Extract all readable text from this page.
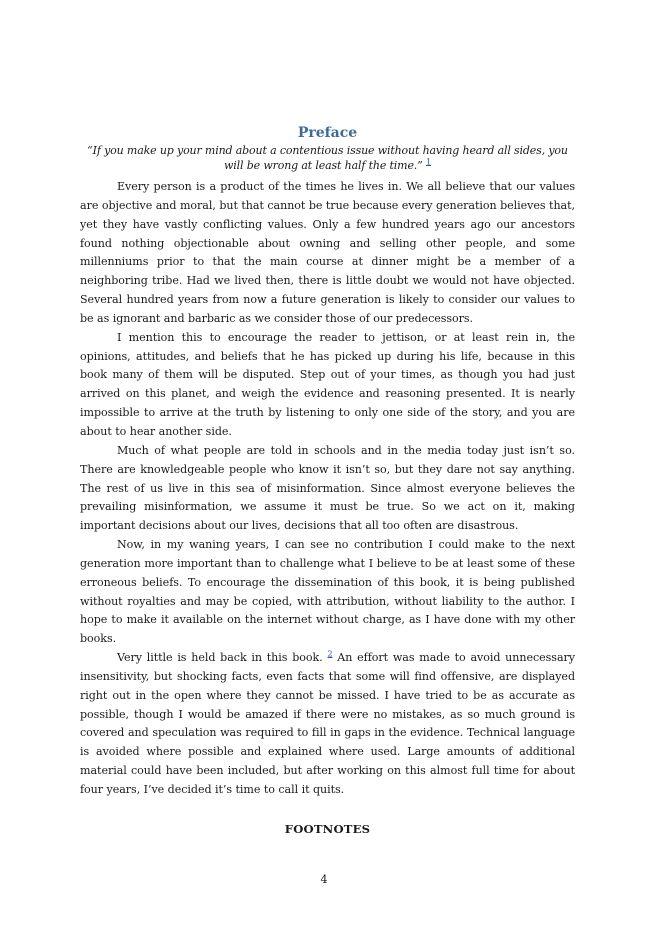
Preface

“If you make up your mind about a contentious issue without having heard all sides, you will be wrong at least half the time.” $^1$

Every person is a product of the times he lives in. We all believe that our values are objective and moral, but that cannot be true because every generation believes that, yet they have vastly conflicting values. Only a few hundred years ago our ancestors found nothing objectionable about owning and selling other people, and some millenniums prior to that the main course at dinner might be a member of a neighboring tribe. Had we lived then, there is little doubt we would not have objected. Several hundred years from now a future generation is likely to consider our values to be as ignorant and barbaric as we consider those of our predecessors.

I mention this to encourage the reader to jettison, or at least rein in, the opinions, attitudes, and beliefs that he has picked up during his life, because in this book many of them will be disputed. Step out of your times, as though you had just arrived on this planet, and weigh the evidence and reasoning presented. It is nearly impossible to arrive at the truth by listening to only one side of the story, and you are about to hear another side.

Much of what people are told in schools and in the media today just isn’t so. There are knowledgeable people who know it isn’t so, but they dare not say anything. The rest of us live in this sea of misinformation. Since almost everyone believes the prevailing misinformation, we assume it must be true. So we act on it, making important decisions about our lives, decisions that all too often are disastrous.

Now, in my waning years, I can see no contribution I could make to the next generation more important than to challenge what I believe to be at least some of these erroneous beliefs. To encourage the dissemination of this book, it is being published without royalties and may be copied, with attribution, without liability to the author. I hope to make it available on the internet without charge, as I have done with my other books.

Very little is held back in this book. $^2$ An effort was made to avoid unnecessary insensitivity, but shocking facts, even facts that some will find offensive, are displayed right out in the open where they cannot be missed. I have tried to be as accurate as possible, though I would be amazed if there were no mistakes, as so much ground is covered and speculation was required to fill in gaps in the evidence. Technical language is avoided where possible and explained where used. Large amounts of additional material could have been included, but after working on this almost full time for about four years, I’ve decided it’s time to call it quits.

FOOTNOTES
4
